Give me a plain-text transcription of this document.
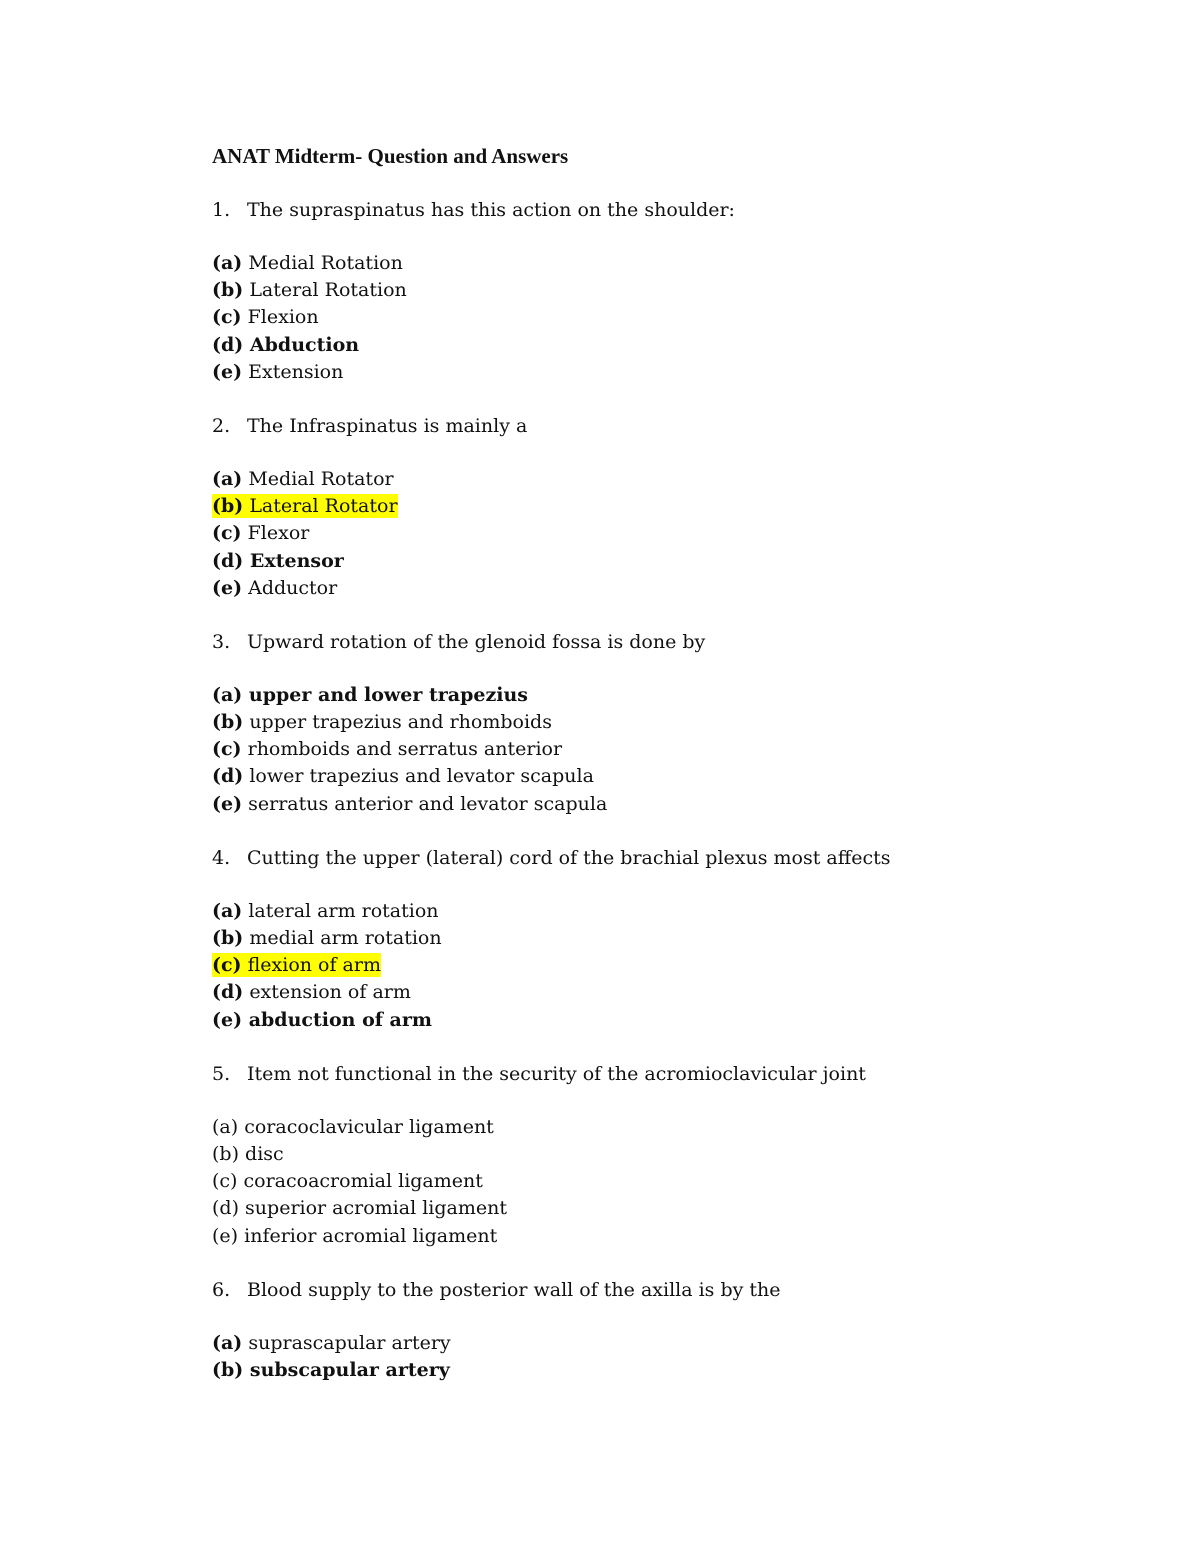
ANAT Midterm- Question and Answers
1. The supraspinatus has this action on the shoulder:
(a) Medial Rotation
(b) Lateral Rotation
(c) Flexion
(d) Abduction
(e) Extension
2. The Infraspinatus is mainly a
(a) Medial Rotator
(b) Lateral Rotator
(c) Flexor
(d) Extensor
(e) Adductor
3. Upward rotation of the glenoid fossa is done by
(a) upper and lower trapezius
(b) upper trapezius and rhomboids
(c) rhomboids and serratus anterior
(d) lower trapezius and levator scapula
(e) serratus anterior and levator scapula
4. Cutting the upper (lateral) cord of the brachial plexus most affects
(a) lateral arm rotation
(b) medial arm rotation
(c) flexion of arm
(d) extension of arm
(e) abduction of arm
5. Item not functional in the security of the acromioclavicular joint
(a) coracoclavicular ligament
(b) disc
(c) coracoacromial ligament
(d) superior acromial ligament
(e) inferior acromial ligament
6. Blood supply to the posterior wall of the axilla is by the
(a) suprascapular artery
(b) subscapular artery
